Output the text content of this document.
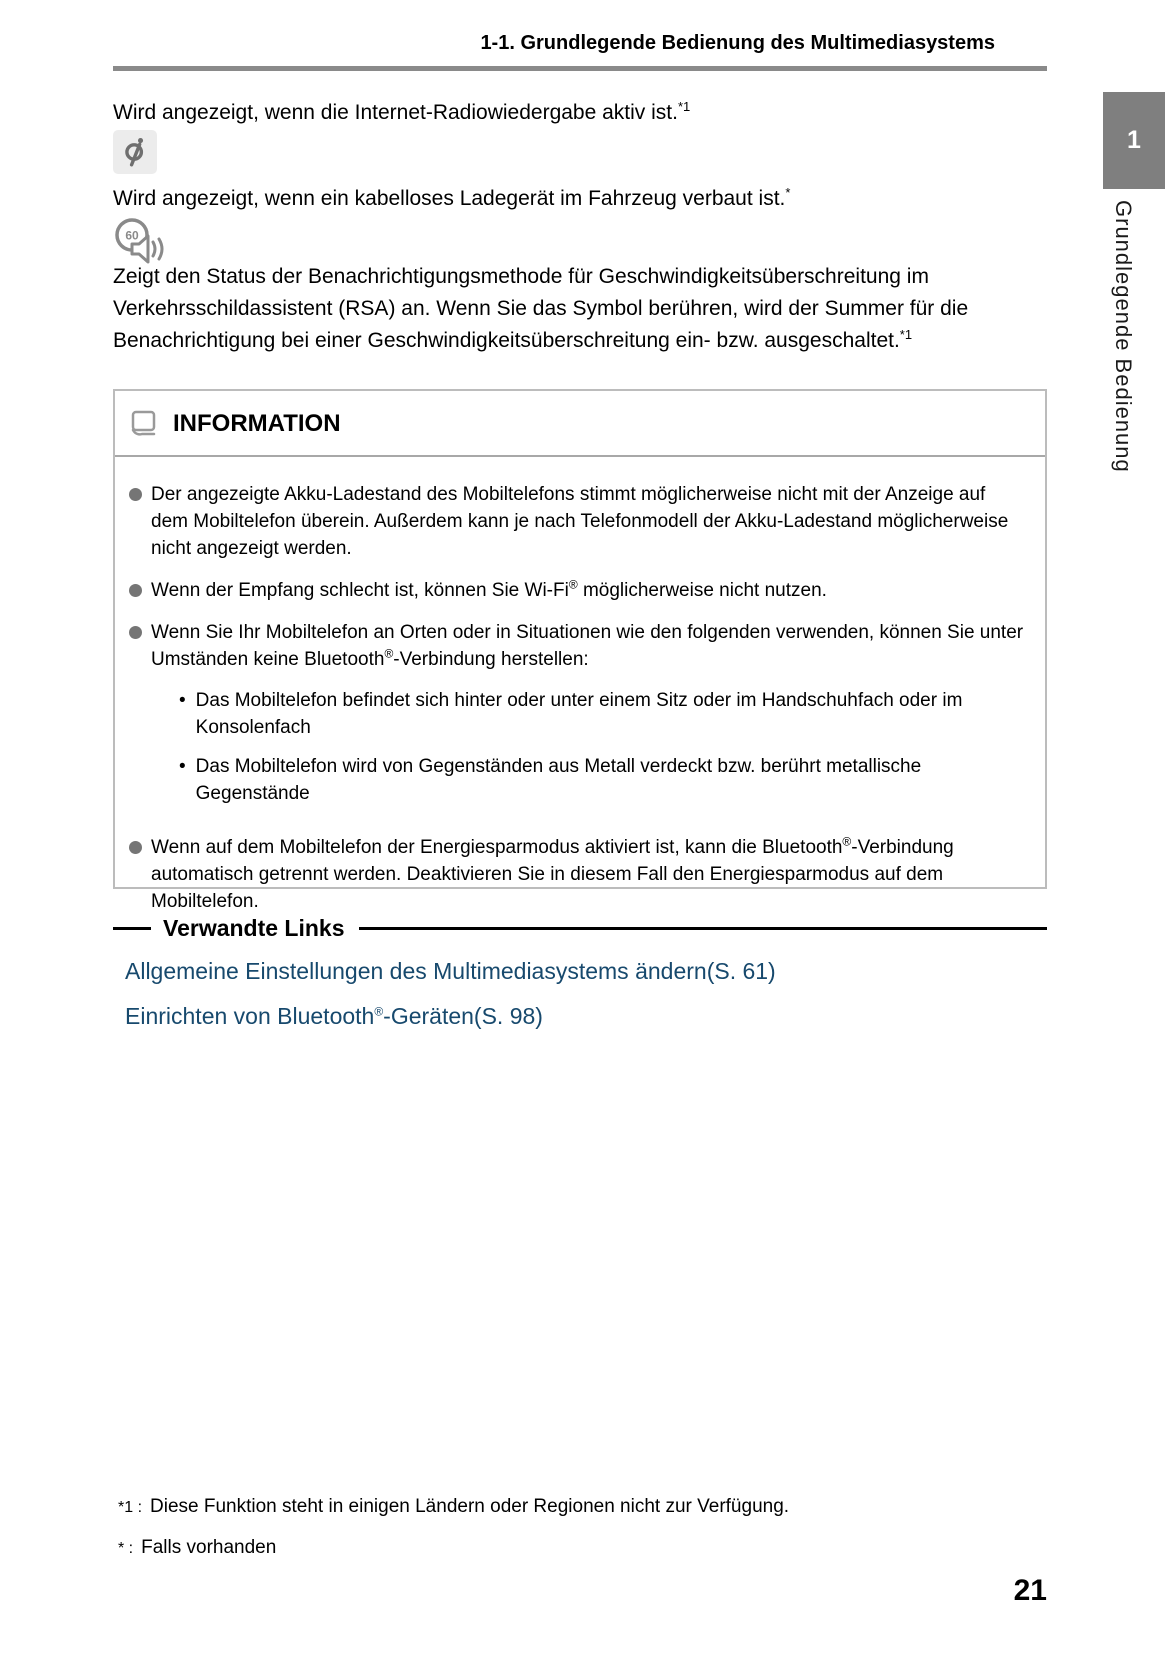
1-1. Grundlegende Bedienung des Multimediasystems
1
Grundlegende Bedienung
Wird angezeigt, wenn die Internet-Radiowiedergabe aktiv ist.$^{*1}$
Wird angezeigt, wenn ein kabelloses Ladegerät im Fahrzeug verbaut ist.*
60
Zeigt den Status der Benachrichtigungsmethode für Geschwindigkeitsüberschreitung im Verkehrsschildassistent (RSA) an. Wenn Sie das Symbol berühren, wird der Summer für die Benachrichtigung bei einer Geschwindigkeitsüberschreitung ein- bzw. ausgeschaltet.$^{*1}$
INFORMATION
Der angezeigte Akku-Ladestand des Mobiltelefons stimmt möglicherweise nicht mit der Anzeige auf dem Mobiltelefon überein. Außerdem kann je nach Telefonmodell der Akku-Ladestand möglicherweise nicht angezeigt werden.
Wenn der Empfang schlecht ist, können Sie Wi-Fi® möglicherweise nicht nutzen.
Wenn Sie Ihr Mobiltelefon an Orten oder in Situationen wie den folgenden verwenden, können Sie unter Umständen keine Bluetooth®-Verbindung herstellen:
• Das Mobiltelefon befindet sich hinter oder unter einem Sitz oder im Handschuhfach oder im Konsolenfach
• Das Mobiltelefon wird von Gegenständen aus Metall verdeckt bzw. berührt metallische Gegenstände
Wenn auf dem Mobiltelefon der Energiesparmodus aktiviert ist, kann die Bluetooth®-Verbindung automatisch getrennt werden. Deaktivieren Sie in diesem Fall den Energiesparmodus auf dem Mobiltelefon.
Verwandte Links
Allgemeine Einstellungen des Multimediasystems ändern(S. 61)
Einrichten von Bluetooth®-Geräten(S. 98)
*1 : Diese Funktion steht in einigen Ländern oder Regionen nicht zur Verfügung.
* : Falls vorhanden
21
